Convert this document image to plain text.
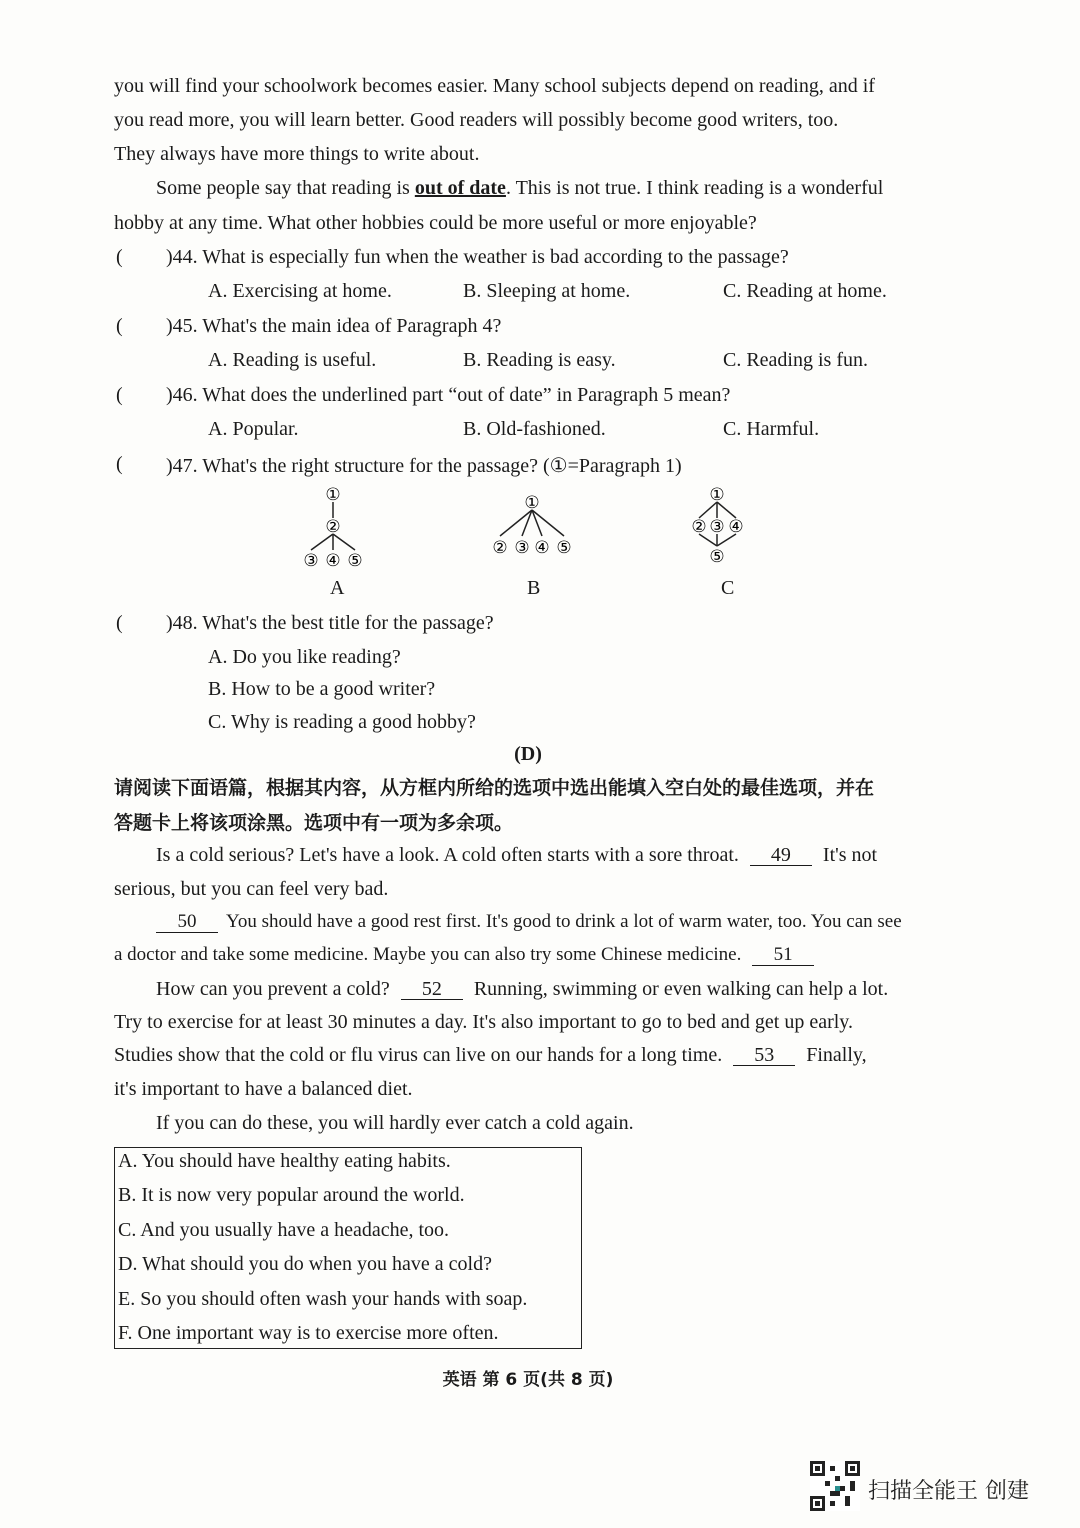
you will find your schoolwork becomes easier. Many school subjects depend on reading, and if
you read more, you will learn better. Good readers will possibly become good writers, too.
They always have more things to write about.
Some people say that reading is out of date. This is not true. I think reading is a wonderful
hobby at any time. What other hobbies could be more useful or more enjoyable?
( )44. What is especially fun when the weather is bad according to the passage?
A. Exercising at home.	B. Sleeping at home.	C. Reading at home.
( )45. What's the main idea of Paragraph 4?
A. Reading is useful.	B. Reading is easy.	C. Reading is fun.
( )46. What does the underlined part “out of date” in Paragraph 5 mean?
A. Popular.	B. Old-fashioned.	C. Harmful.
( )47. What's the right structure for the passage? (①=Paragraph 1)
①
②
③ ④ ⑤
A
①
② ③ ④ ⑤
B
①
② ③ ④
⑤
C
( )48. What's the best title for the passage?
A. Do you like reading?
B. How to be a good writer?
C. Why is reading a good hobby?
(D)
请阅读下面语篇，根据其内容，从方框内所给的选项中选出能填入空白处的最佳选项，并在
答题卡上将该项涂黑。选项中有一项为多余项。
Is a cold serious? Let's have a look. A cold often starts with a sore throat. 49 It's not
serious, but you can feel very bad.
50 You should have a good rest first. It's good to drink a lot of warm water, too. You can see
a doctor and take some medicine. Maybe you can also try some Chinese medicine. 51
How can you prevent a cold? 52 Running, swimming or even walking can help a lot.
Try to exercise for at least 30 minutes a day. It's also important to go to bed and get up early.
Studies show that the cold or flu virus can live on our hands for a long time. 53 Finally,
it's important to have a balanced diet.
If you can do these, you will hardly ever catch a cold again.
A. You should have healthy eating habits.
B. It is now very popular around the world.
C. And you usually have a headache, too.
D. What should you do when you have a cold?
E. So you should often wash your hands with soap.
F. One important way is to exercise more often.
英语 第 6 页(共 8 页)
扫描全能王 创建
